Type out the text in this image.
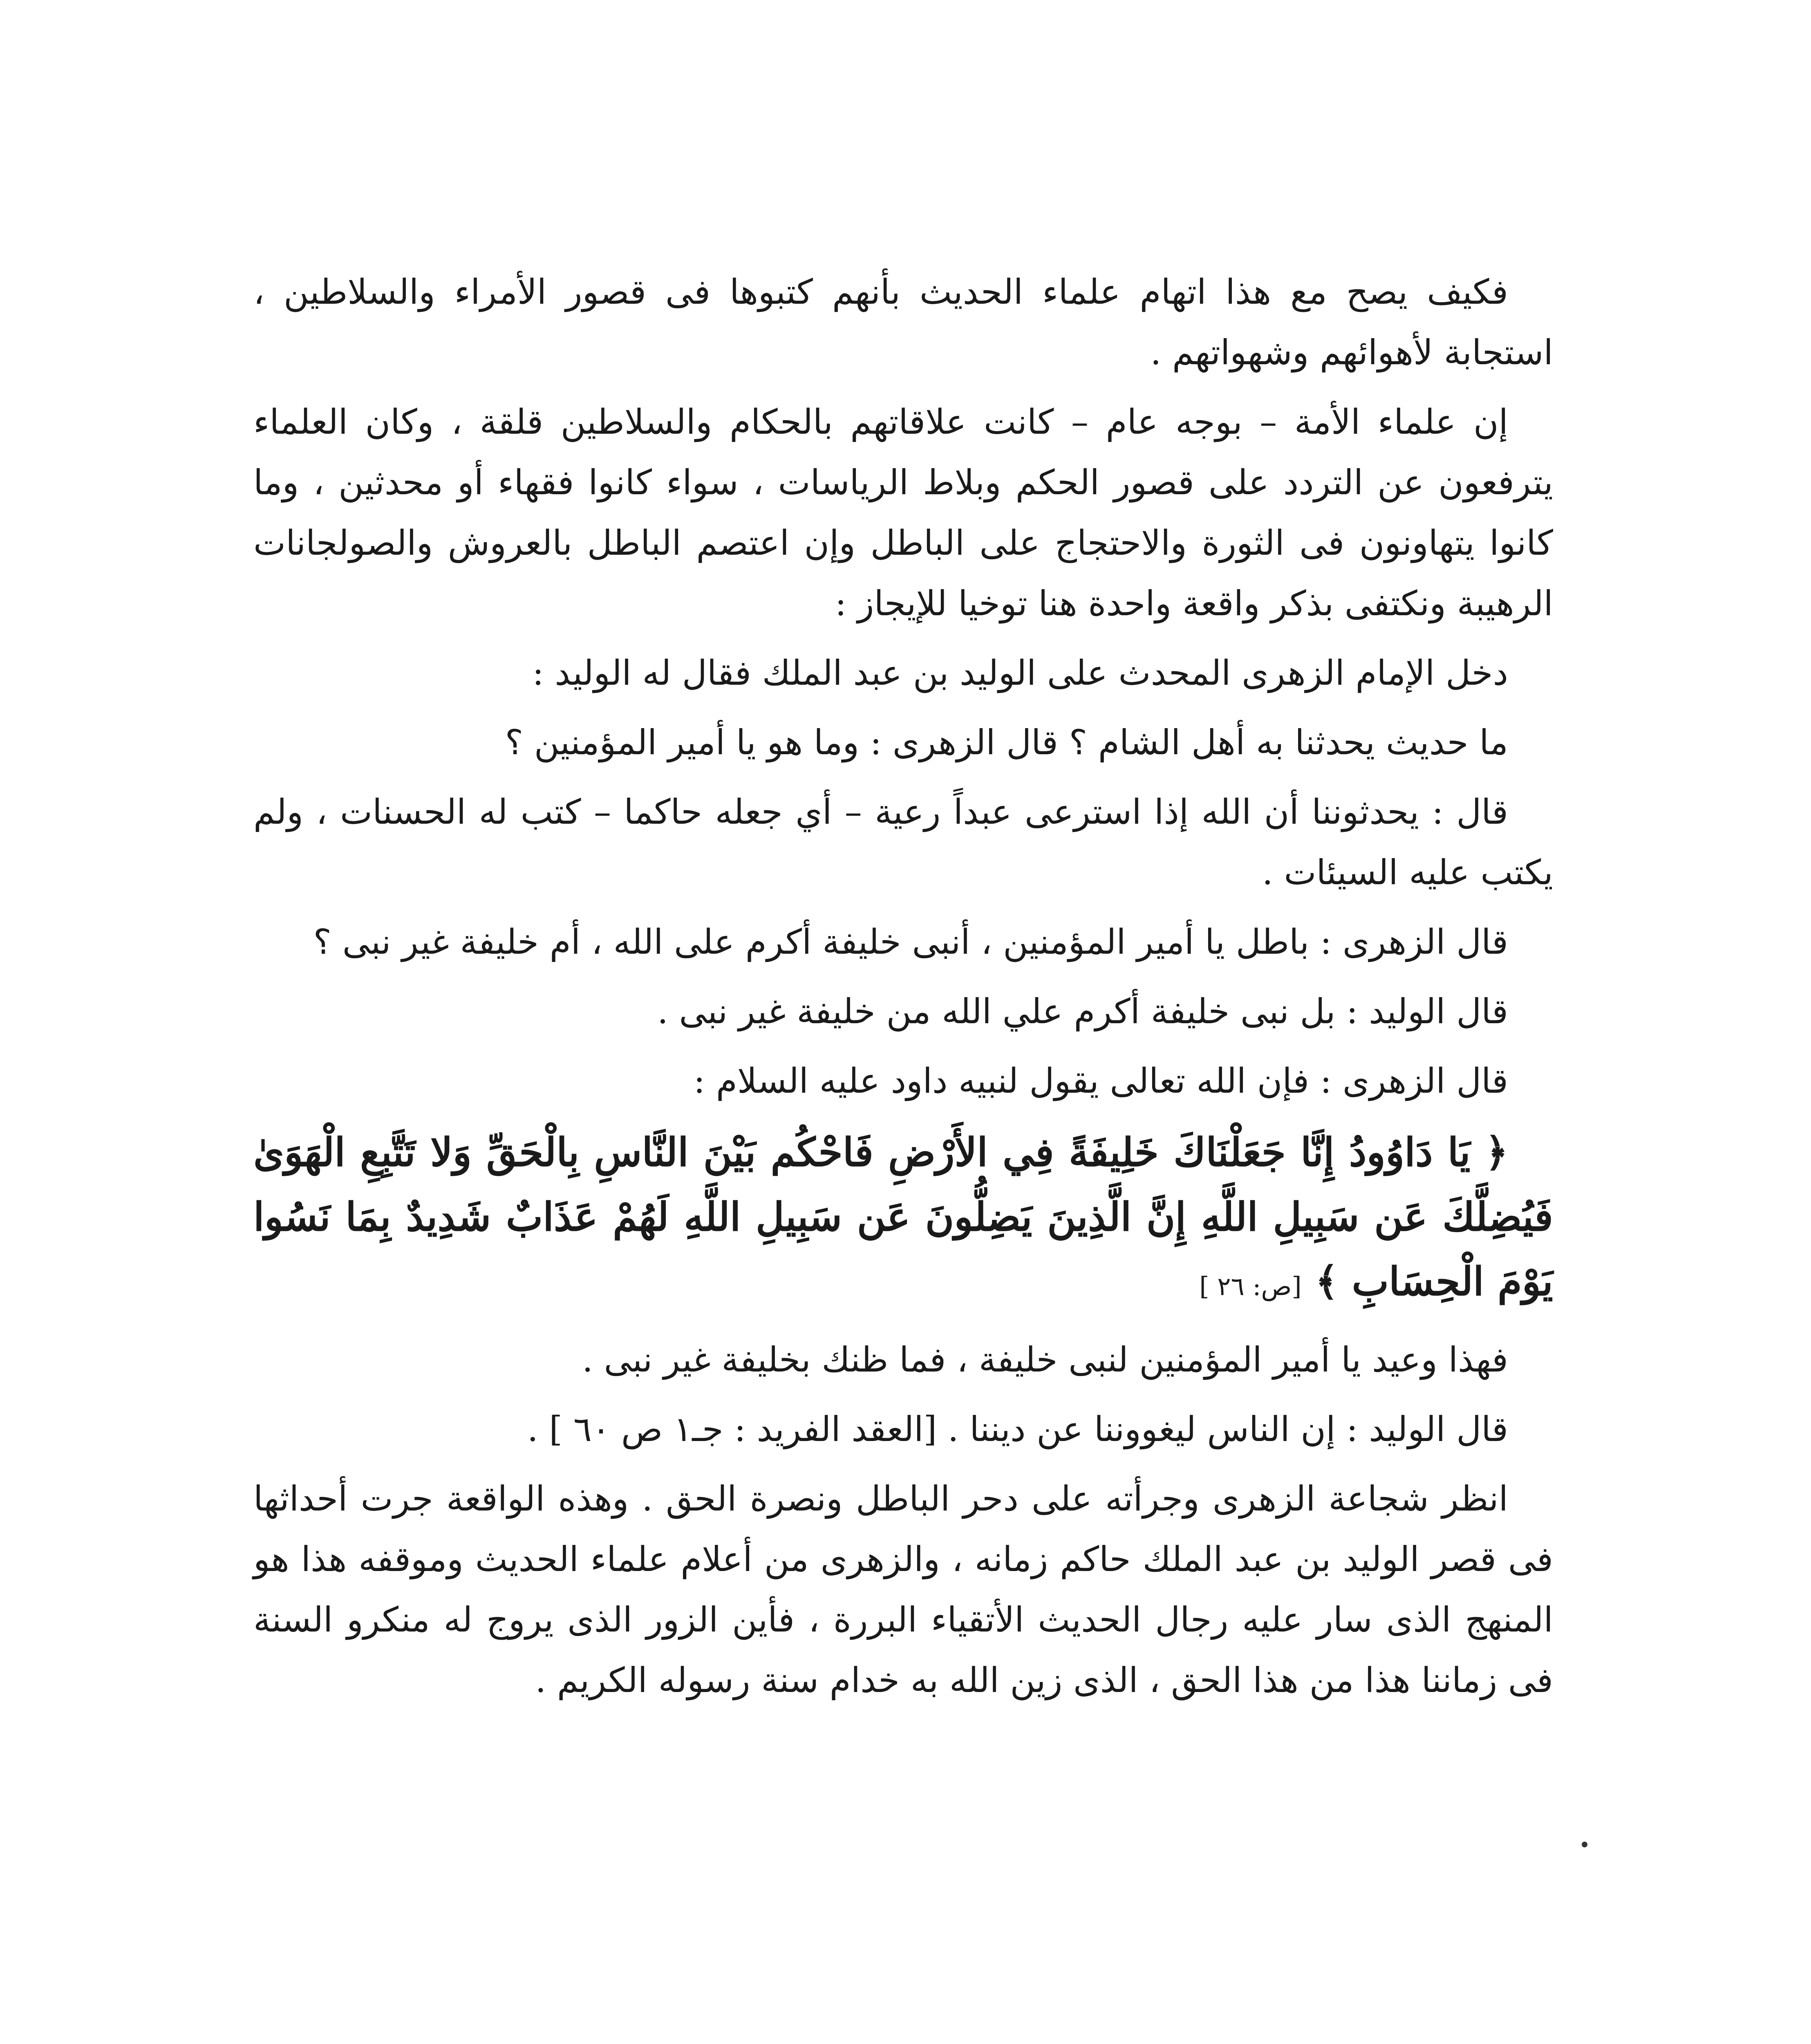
فكيف يصح مع هذا اتهام علماء الحديث بأنهم كتبوها فى قصور الأمراء والسلاطين ، استجابة لأهوائهم وشهواتهم .

إن علماء الأمة – بوجه عام – كانت علاقاتهم بالحكام والسلاطين قلقة ، وكان العلماء يترفعون عن التردد على قصور الحكم وبلاط الرياسات ، سواء كانوا فقهاء أو محدثين ، وما كانوا يتهاونون فى الثورة والاحتجاج على الباطل وإن اعتصم الباطل بالعروش والصولجانات الرهيبة ونكتفى بذكر واقعة واحدة هنا توخيا للإيجاز :

دخل الإمام الزهرى المحدث على الوليد بن عبد الملك فقال له الوليد :

ما حديث يحدثنا به أهل الشام ؟ قال الزهرى : وما هو يا أمير المؤمنين ؟

قال : يحدثوننا أن الله إذا استرعى عبداً رعية – أي جعله حاكما – كتب له الحسنات ، ولم يكتب عليه السيئات .

قال الزهرى : باطل يا أمير المؤمنين ، أنبى خليفة أكرم على الله ، أم خليفة غير نبى ؟

قال الوليد : بل نبى خليفة أكرم علي الله من خليفة غير نبى .

قال الزهرى : فإن الله تعالى يقول لنبيه داود عليه السلام :

﴿ يَا دَاوُودُ إِنَّا جَعَلْنَاكَ خَلِيفَةً فِي الأَرْضِ فَاحْكُم بَيْنَ النَّاسِ بِالْحَقِّ وَلا تَتَّبِعِ الْهَوَىٰ فَيُضِلَّكَ عَن سَبِيلِ اللَّهِ إِنَّ الَّذِينَ يَضِلُّونَ عَن سَبِيلِ اللَّهِ لَهُمْ عَذَابٌ شَدِيدٌ بِمَا نَسُوا يَوْمَ الْحِسَابِ ﴾ [ص: ٢٦ ]

فهذا وعيد يا أمير المؤمنين لنبى خليفة ، فما ظنك بخليفة غير نبى .

قال الوليد : إن الناس ليغووننا عن ديننا . [العقد الفريد : جـ١ ص ٦٠ ] .

انظر شجاعة الزهرى وجرأته على دحر الباطل ونصرة الحق . وهذه الواقعة جرت أحداثها فى قصر الوليد بن عبد الملك حاكم زمانه ، والزهرى من أعلام علماء الحديث وموقفه هذا هو المنهج الذى سار عليه رجال الحديث الأتقياء البررة ، فأين الزور الذى يروج له منكرو السنة فى زماننا هذا من هذا الحق ، الذى زين الله به خدام سنة رسوله الكريم .
